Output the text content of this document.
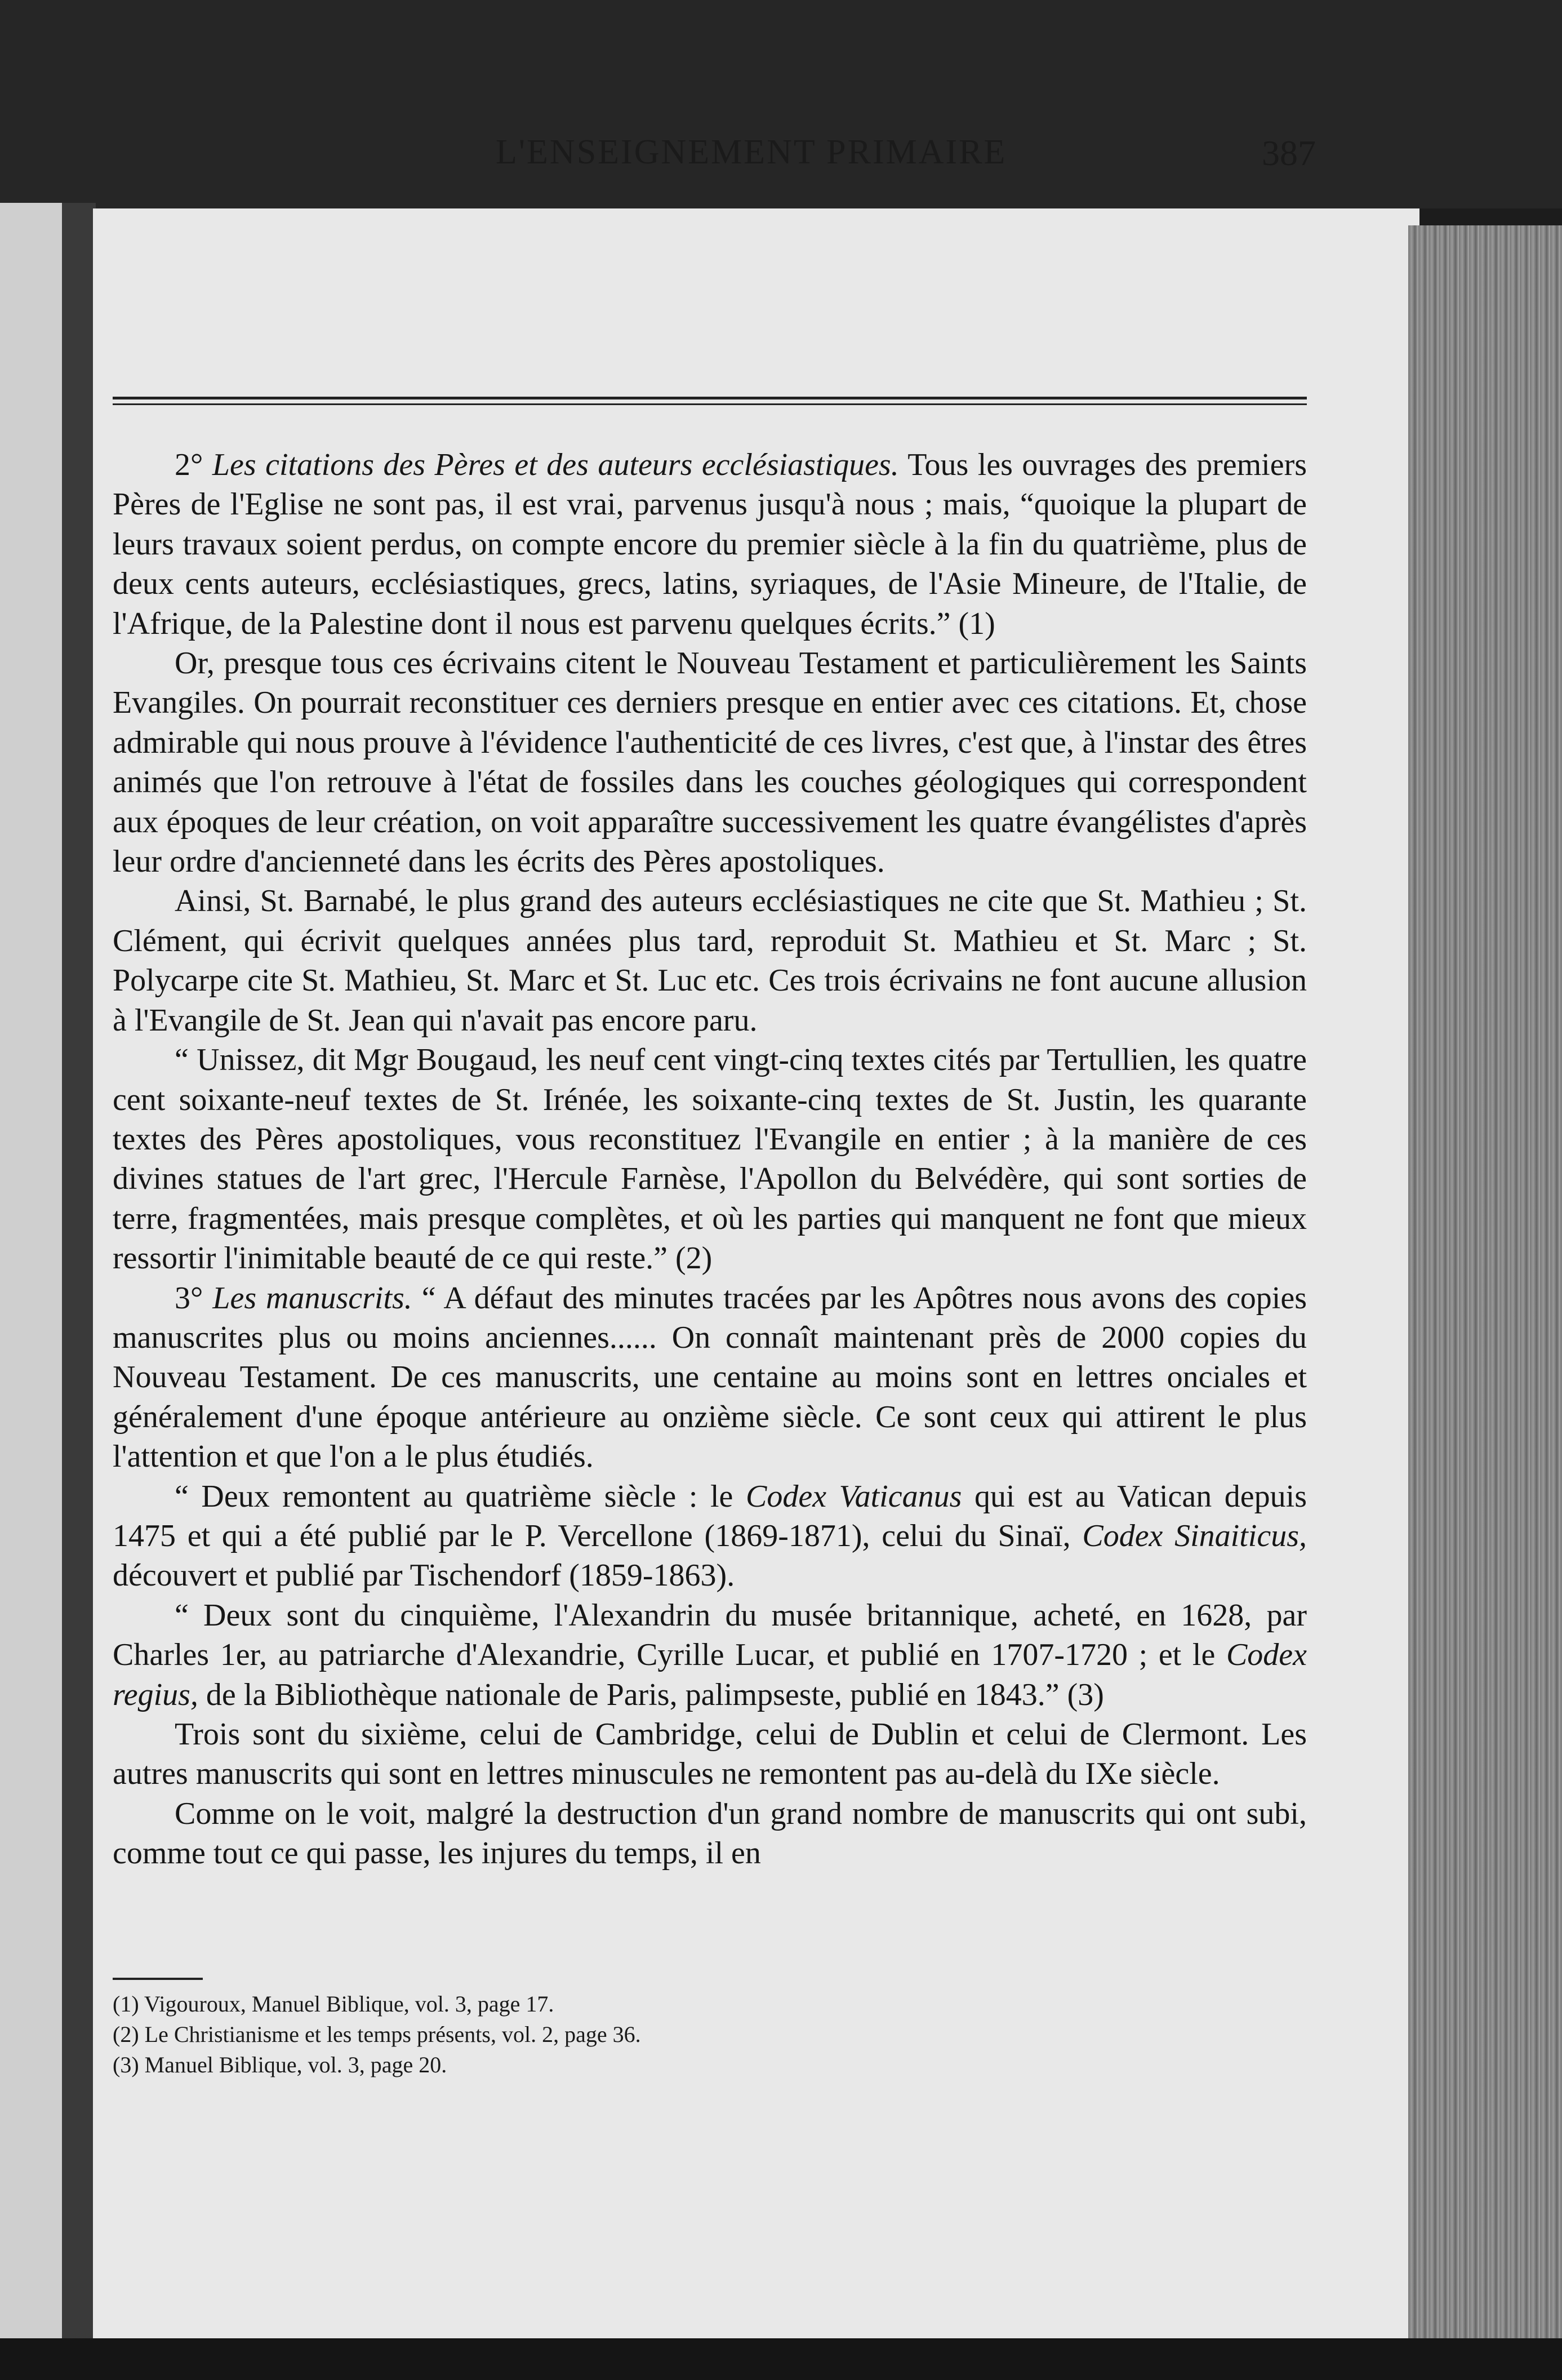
L'ENSEIGNEMENT PRIMAIRE	387

2° Les citations des Pères et des auteurs ecclésiastiques. Tous les ouvrages des premiers Pères de l'Eglise ne sont pas, il est vrai, parvenus jusqu'à nous ; mais, “quoique la plupart de leurs travaux soient perdus, on compte encore du premier siècle à la fin du quatrième, plus de deux cents auteurs, ecclésiastiques, grecs, latins, syriaques, de l'Asie Mineure, de l'Italie, de l'Afrique, de la Palestine dont il nous est parvenu quelques écrits.” (1)

Or, presque tous ces écrivains citent le Nouveau Testament et particulièrement les Saints Evangiles. On pourrait reconstituer ces derniers presque en entier avec ces citations. Et, chose admirable qui nous prouve à l'évidence l'authenticité de ces livres, c'est que, à l'instar des êtres animés que l'on retrouve à l'état de fossiles dans les couches géologiques qui correspondent aux époques de leur création, on voit apparaître successivement les quatre évangélistes d'après leur ordre d'ancienneté dans les écrits des Pères apostoliques.

Ainsi, St. Barnabé, le plus grand des auteurs ecclésiastiques ne cite que St. Mathieu ; St. Clément, qui écrivit quelques années plus tard, reproduit St. Mathieu et St. Marc ; St. Polycarpe cite St. Mathieu, St. Marc et St. Luc etc. Ces trois écrivains ne font aucune allusion à l'Evangile de St. Jean qui n'avait pas encore paru.

“ Unissez, dit Mgr Bougaud, les neuf cent vingt-cinq textes cités par Tertullien, les quatre cent soixante-neuf textes de St. Irénée, les soixante-cinq textes de St. Justin, les quarante textes des Pères apostoliques, vous reconstituez l'Evangile en entier ; à la manière de ces divines statues de l'art grec, l'Hercule Farnèse, l'Apollon du Belvédère, qui sont sorties de terre, fragmentées, mais presque complètes, et où les parties qui manquent ne font que mieux ressortir l'inimitable beauté de ce qui reste.” (2)

3° Les manuscrits. “ A défaut des minutes tracées par les Apôtres nous avons des copies manuscrites plus ou moins anciennes...... On connaît maintenant près de 2000 copies du Nouveau Testament. De ces manuscrits, une centaine au moins sont en lettres onciales et généralement d'une époque antérieure au onzième siècle. Ce sont ceux qui attirent le plus l'attention et que l'on a le plus étudiés.

“ Deux remontent au quatrième siècle : le Codex Vaticanus qui est au Vatican depuis 1475 et qui a été publié par le P. Vercellone (1869-1871), celui du Sinaï, Codex Sinaiticus, découvert et publié par Tischendorf (1859-1863).

“ Deux sont du cinquième, l'Alexandrin du musée britannique, acheté, en 1628, par Charles 1er, au patriarche d'Alexandrie, Cyrille Lucar, et publié en 1707-1720 ; et le Codex regius, de la Bibliothèque nationale de Paris, palimpseste, publié en 1843.” (3)

Trois sont du sixième, celui de Cambridge, celui de Dublin et celui de Clermont. Les autres manuscrits qui sont en lettres minuscules ne remontent pas au-delà du IXe siècle.

Comme on le voit, malgré la destruction d'un grand nombre de manuscrits qui ont subi, comme tout ce qui passe, les injures du temps, il en

(1) Vigouroux, Manuel Biblique, vol. 3, page 17.
(2) Le Christianisme et les temps présents, vol. 2, page 36.
(3) Manuel Biblique, vol. 3, page 20.
